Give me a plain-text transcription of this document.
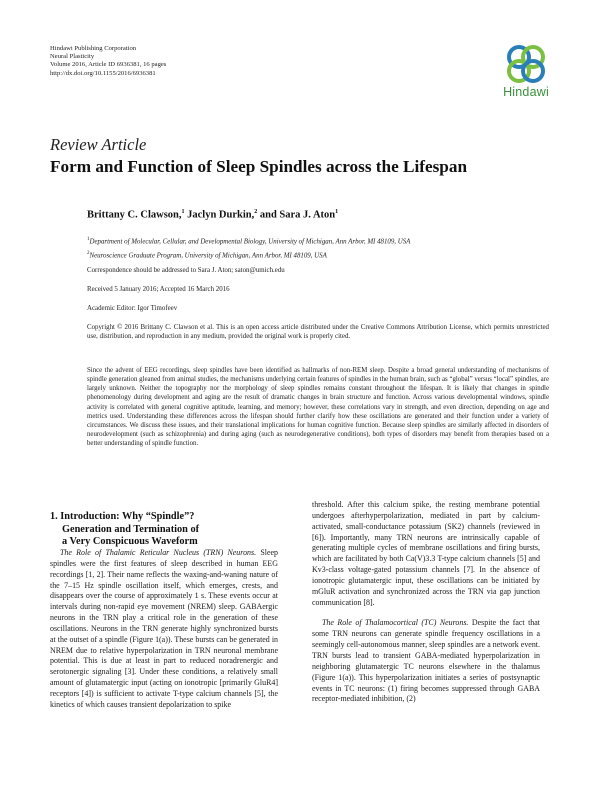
Hindawi Publishing Corporation
Neural Plasticity
Volume 2016, Article ID 6936381, 16 pages
http://dx.doi.org/10.1155/2016/6936381
Hindawi
Review Article
Form and Function of Sleep Spindles across the Lifespan
Brittany C. Clawson,$^1$ Jaclyn Durkin,$^2$ and Sara J. Aton$^1$
$^1$Department of Molecular, Cellular, and Developmental Biology, University of Michigan, Ann Arbor, MI 48109, USA
$^2$Neuroscience Graduate Program, University of Michigan, Ann Arbor, MI 48109, USA
Correspondence should be addressed to Sara J. Aton; saton@umich.edu
Received 5 January 2016; Accepted 16 March 2016
Academic Editor: Igor Timofeev
Copyright © 2016 Brittany C. Clawson et al. This is an open access article distributed under the Creative Commons Attribution License, which permits unrestricted use, distribution, and reproduction in any medium, provided the original work is properly cited.
Since the advent of EEG recordings, sleep spindles have been identified as hallmarks of non-REM sleep. Despite a broad general understanding of mechanisms of spindle generation gleaned from animal studies, the mechanisms underlying certain features of spindles in the human brain, such as “global” versus “local” spindles, are largely unknown. Neither the topography nor the morphology of sleep spindles remains constant throughout the lifespan. It is likely that changes in spindle phenomenology during development and aging are the result of dramatic changes in brain structure and function. Across various developmental windows, spindle activity is correlated with general cognitive aptitude, learning, and memory; however, these correlations vary in strength, and even direction, depending on age and metrics used. Understanding these differences across the lifespan should further clarify how these oscillations are generated and their function under a variety of circumstances. We discuss these issues, and their translational implications for human cognitive function. Because sleep spindles are similarly affected in disorders of neurodevelopment (such as schizophrenia) and during aging (such as neurodegenerative conditions), both types of disorders may benefit from therapies based on a better understanding of spindle function.
1. Introduction: Why “Spindle”?
Generation and Termination of
a Very Conspicuous Waveform

The Role of Thalamic Reticular Nucleus (TRN) Neurons. Sleep spindles were the first features of sleep described in human EEG recordings [1, 2]. Their name reflects the waxing-and-waning nature of the 7–15 Hz spindle oscillation itself, which emerges, crests, and disappears over the course of approximately 1 s. These events occur at intervals during non-rapid eye movement (NREM) sleep. GABAergic neurons in the TRN play a critical role in the generation of these oscillations. Neurons in the TRN generate highly synchronized bursts at the outset of a spindle (Figure 1(a)). These bursts can be generated in NREM due to relative hyperpolarization in TRN neuronal membrane potential. This is due at least in part to reduced noradrenergic and serotonergic signaling [3]. Under these conditions, a relatively small amount of glutamatergic input (acting on ionotropic [primarily GluR4] receptors [4]) is sufficient to activate T-type calcium channels [5], the kinetics of which causes transient depolarization to spike

threshold. After this calcium spike, the resting membrane potential undergoes afterhyperpolarization, mediated in part by calcium-activated, small-conductance potassium (SK2) channels (reviewed in [6]). Importantly, many TRN neurons are intrinsically capable of generating multiple cycles of membrane oscillations and firing bursts, which are facilitated by both Ca(V)3.3 T-type calcium channels [5] and Kv3-class voltage-gated potassium channels [7]. In the absence of ionotropic glutamatergic input, these oscillations can be initiated by mGluR activation and synchronized across the TRN via gap junction communication [8].

The Role of Thalamocortical (TC) Neurons. Despite the fact that some TRN neurons can generate spindle frequency oscillations in a seemingly cell-autonomous manner, sleep spindles are a network event. TRN bursts lead to transient GABA-mediated hyperpolarization in neighboring glutamatergic TC neurons elsewhere in the thalamus (Figure 1(a)). This hyperpolarization initiates a series of postsynaptic events in TC neurons: (1) firing becomes suppressed through GABA receptor-mediated inhibition, (2)
